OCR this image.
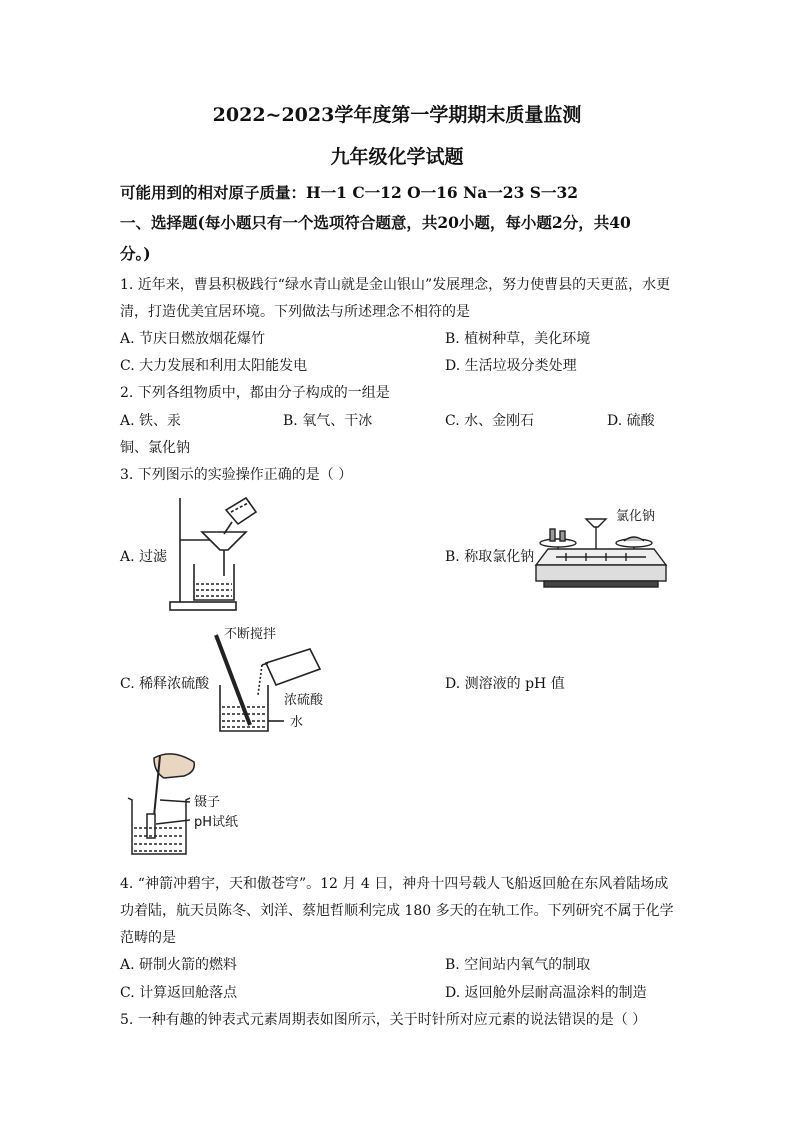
2022~2023学年度第一学期期末质量监测
九年级化学试题
可能用到的相对原子质量：H一1 C一12 O一16 Na一23 S一32
一、选择题(每小题只有一个选项符合题意，共20小题，每小题2分，共40
分。)
1. 近年来，曹县积极践行“绿水青山就是金山银山”发展理念，努力使曹县的天更蓝，水更
清，打造优美宜居环境。下列做法与所述理念不相符的是
A. 节庆日燃放烟花爆竹	B. 植树种草，美化环境
C. 大力发展和利用太阳能发电	D. 生活垃圾分类处理
2. 下列各组物质中，都由分子构成的一组是
A. 铁、汞	B. 氧气、干冰	C. 水、金刚石	D. 硫酸
铜、氯化钠
3. 下列图示的实验操作正确的是（ ）
A. 过滤	B. 称取氯化钠
C. 稀释浓硫酸	D. 测溶液的 pH 值
氯化钠
不断搅拌
浓硫酸
水
镊子
pH试纸
4. “神箭冲碧宇，天和傲苍穹”。12 月 4 日，神舟十四号载人飞船返回舱在东风着陆场成
功着陆，航天员陈冬、刘洋、蔡旭哲顺利完成 180 多天的在轨工作。下列研究不属于化学
范畴的是
A. 研制火箭的燃料	B. 空间站内氧气的制取
C. 计算返回舱落点	D. 返回舱外层耐高温涂料的制造
5. 一种有趣的钟表式元素周期表如图所示，关于时针所对应元素的说法错误的是（ ）
